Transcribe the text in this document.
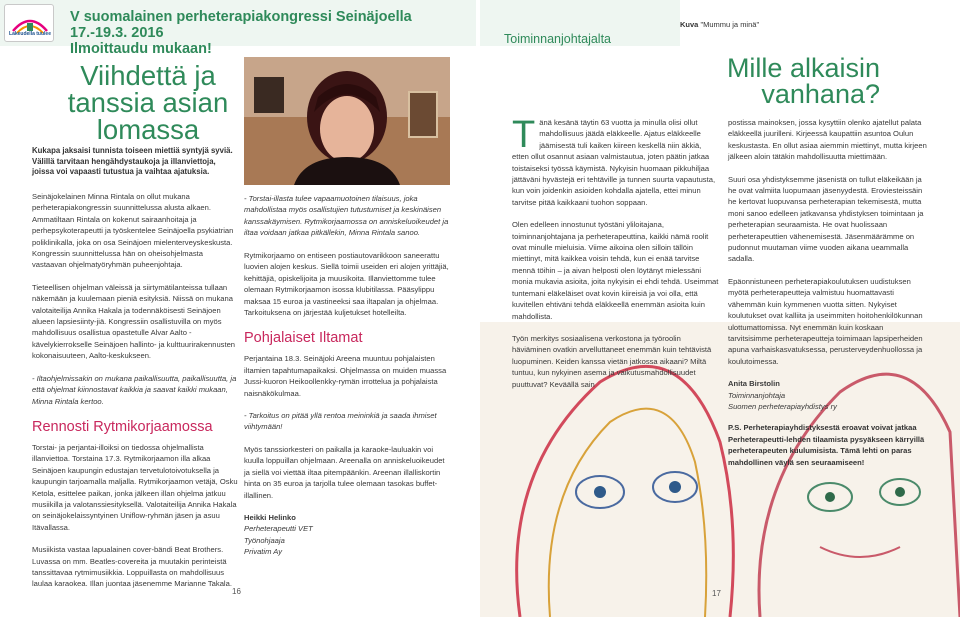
Lakeudella tuulee
V suomalainen perheterapiakongressi Seinäjoella 17.-19.3. 2016
Ilmoittaudu mukaan!
Viihdettä ja
tanssia asian
lomassa
Kukapa jaksaisi tunnista toiseen miettiä syntyjä syviä. Välillä tarvitaan hengähdystaukoja ja illanviettoja, joissa voi vapaasti tutustua ja vaihtaa ajatuksia.

Seinäjokelainen Minna Rintala on ollut mukana perheterapiakongressin suunnittelussa alusta alkaen. Ammatiltaan Rintala on kokenut sairaanhoitaja ja perhepsykoterapeutti ja työskentelee Seinäjoella psykiatrian poliklinikalla, joka on osa Seinäjoen mielenterveyskeskusta. Kongressin suunnittelussa hän on oheisohjelmasta vastaavan ohjelmatyöryhmän puheenjohtaja.

Tieteellisen ohjelman väleissä ja siirtymätilanteissa tullaan näkemään ja kuulemaan pieniä esityksiä. Niissä on mukana valotaiteilija Annika Hakala ja todennäköisesti Seinäjoen alueen lapsiesiinty-jiä. Kongressiin osallistuvilla on myös mahdollisuus osallistua opastetulle Alvar Aalto -kävelykierrokselle Seinäjoen hallinto- ja kulttuurirakennusten kokonaisuuteen, Aalto-keskukseen.

- Iltaohjelmissakin on mukana paikallisuutta, paikallisuutta, ja että ohjelmat kiinnostavat kaikkia ja saavat kaikki mukaan, Minna Rintala kertoo.

Rennosti Rytmikorjaamossa

Torstai- ja perjantai-illoiksi on tiedossa ohjelmallista illanviettoa. Torstaina 17.3. Rytmikorjaamon illa alkaa Seinäjoen kaupungin edustajan tervetulotoivotuksella ja kaupungin tarjoamalla maljalla. Rytmikorjaamon vetäjä, Osku Ketola, esittelee paikan, jonka jälkeen illan ohjelma jatkuu musiikilla ja valotanssiesityksellä. Valotaiteilija Annika Hakala on seinäjokelaissyntyinen Uniflow-ryhmän jäsen ja asuu Itävallassa.

Musiikista vastaa lapualainen cover-bändi Beat Brothers. Luvassa on mm. Beatles-covereita ja muutakin perinteistä tanssittavaa rytmimusiikkia. Loppuillasta on mahdollisuus laulaa karaokea. Illan juontaa jäsenemme Marianne Takala.

- Torstai-illasta tulee vapaamuotoinen tilaisuus, joka mahdollistaa myös osallistujien tutustumiset ja keskinäisen kanssakäymisen. Rytmikorjaamossa on anniskeluoikeudet ja iltaa voidaan jatkaa pitkällekin, Minna Rintala sanoo.

Rytmikorjaamo on entiseen postiautovarikkoon saneerattu luovien alojen keskus. Siellä toimii useiden eri alojen yrittäjiä, kehittäjiä, opiskelijoita ja muusikoita. Illanviettomme tulee olemaan Rytmikorjaamon isossa klubitilassa. Pääsylippu maksaa 15 euroa ja vastineeksi saa iltapalan ja ohjelmaa. Tarkoituksena on järjestää kuljetukset hotelleilta.

Pohjalaiset Iltamat

Perjantaina 18.3. Seinäjoki Areena muuntuu pohjalaisten iltamien tapahtumapaikaksi. Ohjelmassa on muiden muassa Jussi-kuoron Heikoollenkky-rymän irrottelua ja pohjalaista naisnäkökulmaa.

- Tarkoitus on pitää yllä rentoa meininkiä ja saada ihmiset viihtymään!

Myös tanssiorkesteri on paikalla ja karaoke-lauluakin voi kuulla loppuillan ohjelmaan. Areenalla on anniskeluoikeudet ja siellä voi viettää iltaa pitempäänkin. Areenan illalliskortin hinta on 35 euroa ja tarjolla tulee olemaan tasokas buffet-illallinen.

Heikki Helinko
Perheterapeutti VET
Työnohjaaja
Privatim Ay
16
Toiminnanjohtajalta
Kuva "Mummu ja minä"
Mille alkaisin
vanhana?

T änä kesänä täytin 63 vuotta ja minulla olisi ollut mahdollisuus jäädä eläkkeelle. Ajatus eläkkeelle jäämisestä tuli kaiken kiireen keskellä niin äkkiä, etten ollut osannut asiaan valmistautua, joten päätin jatkaa toistaiseksi työssä käymistä. Nykyisin huomaan pikkuhiljaa jättäväni hyvästejä eri tehtäville ja tunnen suurta vapautusta, kun voin joidenkin asioiden kohdalla ajatella, ettei minun tarvitse pitää kaikkaani tuohon soppaan.

Olen edelleen innostunut työstäni yliloitajana, toiminnanjohtajana ja perheterapeuttina, kaikki nämä roolit ovat minulle mieluisia. Viime aikoina olen silloin tällöin miettinyt, mitä kaikkea voisin tehdä, kun ei enää tarvitse mennä töihin – ja aivan helposti olen löytänyt mielessäni monia mukavia asioita, joita nykyisin ei ehdi tehdä. Useimmat tuntemani eläkeläiset ovat kovin kiireisiä ja voi olla, että kuvitellen ehtiväni tehdä eläkkeellä enemmän asioita kuin mahdollista.

Työn merkitys sosiaalisena verkostona ja työroolin häviäminen ovatkin arvelluttaneet enemmän kuin tehtävistä luopuminen. Keiden kanssa vietän jatkossa aikaani? Miltä tuntuu, kun nykyinen asema ja vaikutusmahdollisuudet puuttuvat? Keväällä sain

postissa mainoksen, jossa kysyttiin olenko ajatellut palata eläkkeellä juurilleni. Kirjeessä kaupattiin asuntoa Oulun keskustasta. En ollut asiaa aiemmin miettinyt, mutta kirjeen jälkeen aloin tätäkin mahdollisuutta miettimään.

Suuri osa yhdistyksemme jäsenistä on tullut eläkeikään ja he ovat valmiita luopumaan jäsenyydestä. Eroviesteissäin he kertovat luopuvansa perheterapian tekemisestä, mutta moni sanoo edelleen jatkavansa yhdistyksen toimintaan ja perheterapian seuraamista. He ovat huolissaan perheterapeuttien vähenemisestä. Jäsenmäärämme on pudonnut muutaman viime vuoden aikana ueammalla sadalla.

Epäonnistuneen perheterapiakoulutuksen uudistuksen myötä perheterapeutteja valmistuu huomattavasti vähemmän kuin kymmenen vuotta sitten. Nykyiset koulutukset ovat kalliita ja useimmiten hoitohenkilökunnan ulottumattomissa. Nyt enemmän kuin koskaan tarvitsisimme perheterapeutteja toimimaan lapsiperheiden apuna varhaiskasvatuksessa, perusterveydenhuollossa ja koulutoimessa.

Anita Birstolin
Toiminnanjohtaja
Suomen perheterapiayhdistys ry
P.S. Perheterapiayhdistyksestä eroavat voivat jatkaa Perheterapeutti-lehden tilaamista pysyäkseen kärryillä perheterapeuten kuulumisista. Tämä lehti on paras mahdollinen väylä sen seuraamiseen!
17
